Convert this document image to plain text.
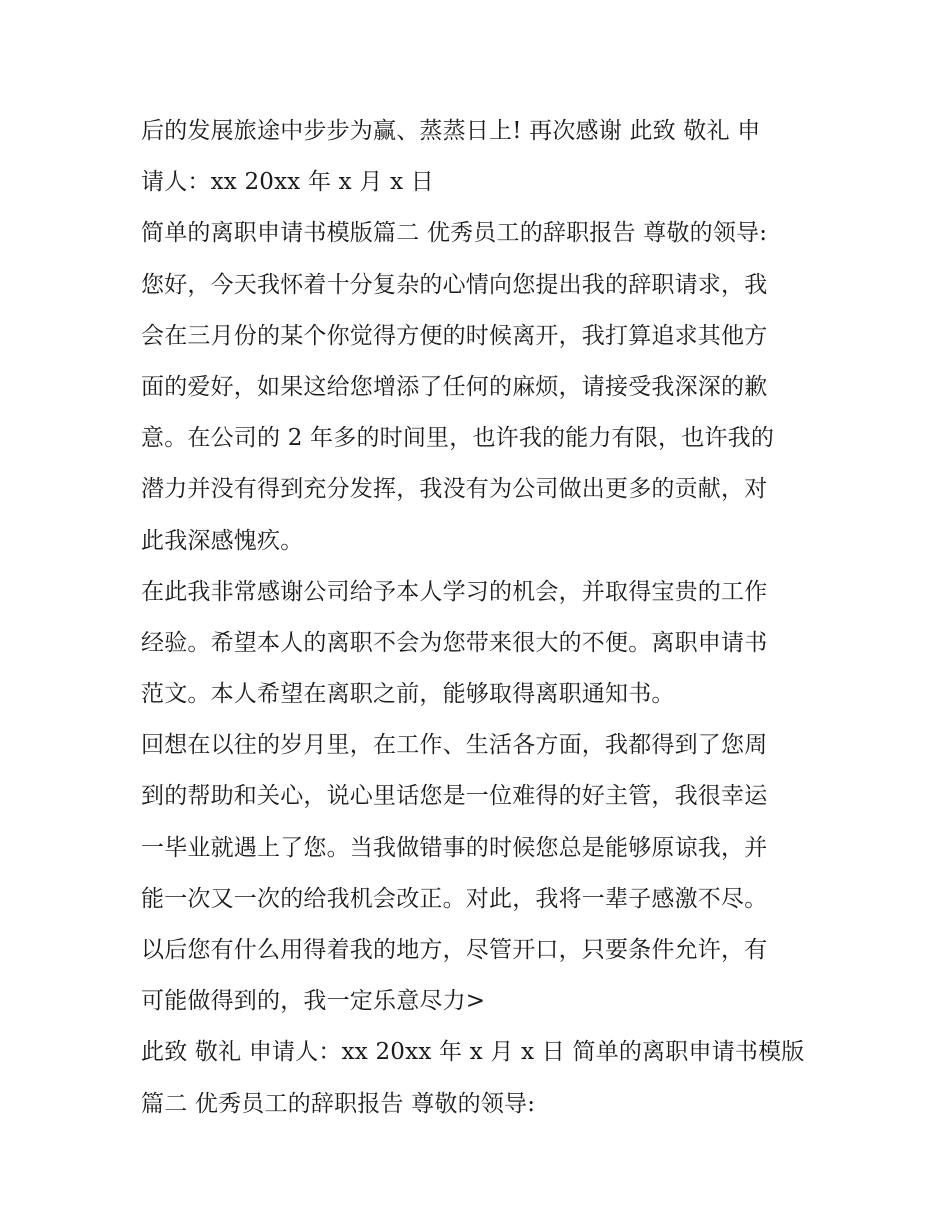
后的发展旅途中步步为赢、蒸蒸日上! 再次感谢 此致 敬礼 申
请人：xx 20xx 年 x 月 x 日
简单的离职申请书模版篇二 优秀员工的辞职报告 尊敬的领导:
您好，今天我怀着十分复杂的心情向您提出我的辞职请求，我
会在三月份的某个你觉得方便的时候离开，我打算追求其他方
面的爱好，如果这给您增添了任何的麻烦，请接受我深深的歉
意。在公司的 2 年多的时间里，也许我的能力有限，也许我的
潜力并没有得到充分发挥，我没有为公司做出更多的贡献，对
此我深感愧疚。
在此我非常感谢公司给予本人学习的机会，并取得宝贵的工作
经验。希望本人的离职不会为您带来很大的不便。离职申请书
范文。本人希望在离职之前，能够取得离职通知书。
回想在以往的岁月里，在工作、生活各方面，我都得到了您周
到的帮助和关心，说心里话您是一位难得的好主管，我很幸运
一毕业就遇上了您。当我做错事的时候您总是能够原谅我，并
能一次又一次的给我机会改正。对此，我将一辈子感激不尽。
以后您有什么用得着我的地方，尽管开口，只要条件允许，有
可能做得到的，我一定乐意尽力>
此致 敬礼 申请人：xx 20xx 年 x 月 x 日 简单的离职申请书模版
篇二 优秀员工的辞职报告 尊敬的领导:
